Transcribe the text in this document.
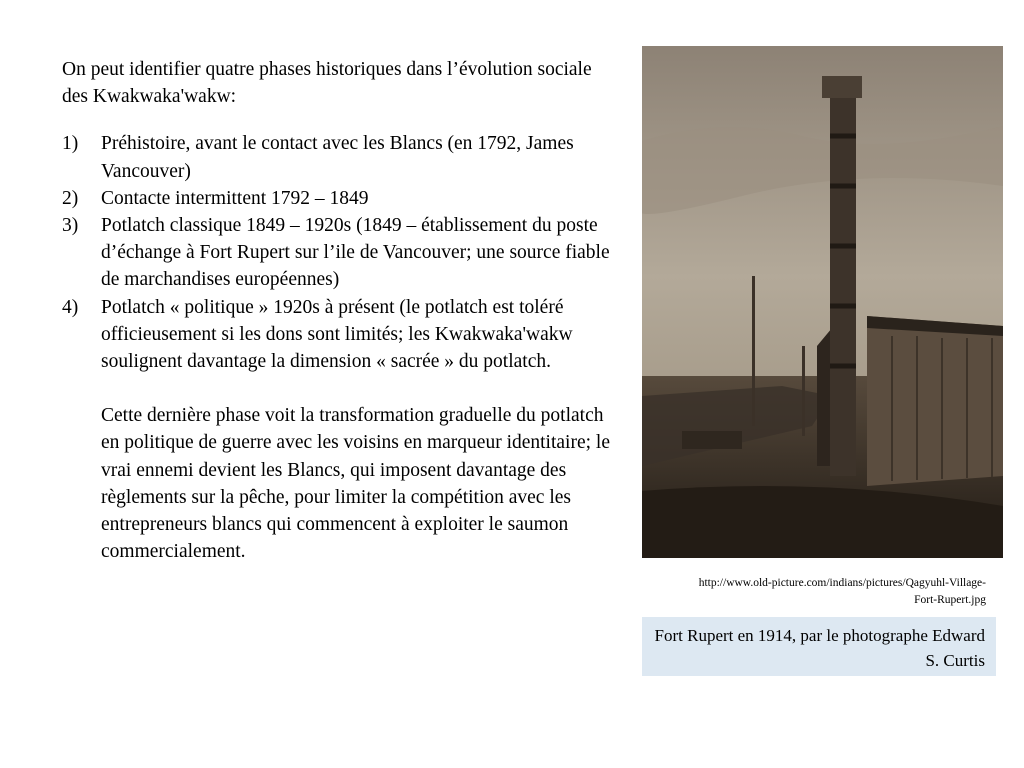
On peut identifier quatre phases historiques dans l’évolution sociale des Kwakwaka'wakw:

1)	Préhistoire, avant le contact avec les Blancs (en 1792, James Vancouver)
2)	Contacte intermittent 1792 – 1849
3)	Potlatch classique 1849 – 1920s (1849 – établissement du poste d’échange à Fort Rupert sur l’ile de Vancouver; une source fiable de marchandises européennes)
4)	Potlatch « politique » 1920s à présent (le potlatch est toléré officieusement si les dons sont limités; les Kwakwaka'wakw soulignent davantage la dimension « sacrée » du potlatch.

Cette dernière phase voit la transformation graduelle du potlatch en politique de guerre avec les voisins en marqueur identitaire; le vrai ennemi devient les Blancs, qui imposent davantage des règlements sur la pêche, pour limiter la compétition avec les entrepreneurs blancs qui commencent à exploiter le saumon commercialement.

http://www.old-picture.com/indians/pictures/Qagyuhl-Village-Fort-Rupert.jpg
Fort Rupert en 1914, par le photographe Edward S. Curtis
